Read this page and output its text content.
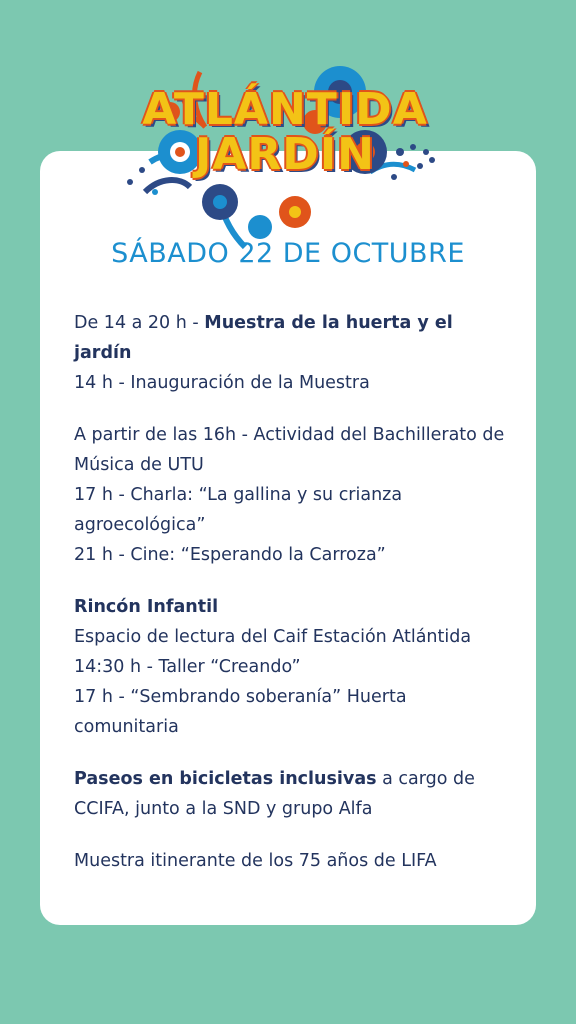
ATLÁNTIDA
JARDÍN
SÁBADO 22 DE OCTUBRE

De 14 a 20 h - Muestra de la huerta y el jardín

14 h - Inauguración de la Muestra

A partir de las 16h - Actividad del Bachillerato de Música de UTU

17 h - Charla: “La gallina y su crianza agroecológica”

21 h - Cine: “Esperando la Carroza”

Rincón Infantil

Espacio de lectura del Caif Estación Atlántida

14:30 h - Taller “Creando”

17 h - “Sembrando soberanía” Huerta comunitaria

Paseos en bicicletas inclusivas a cargo de CCIFA, junto a la SND y grupo Alfa

Muestra itinerante de los 75 años de LIFA
